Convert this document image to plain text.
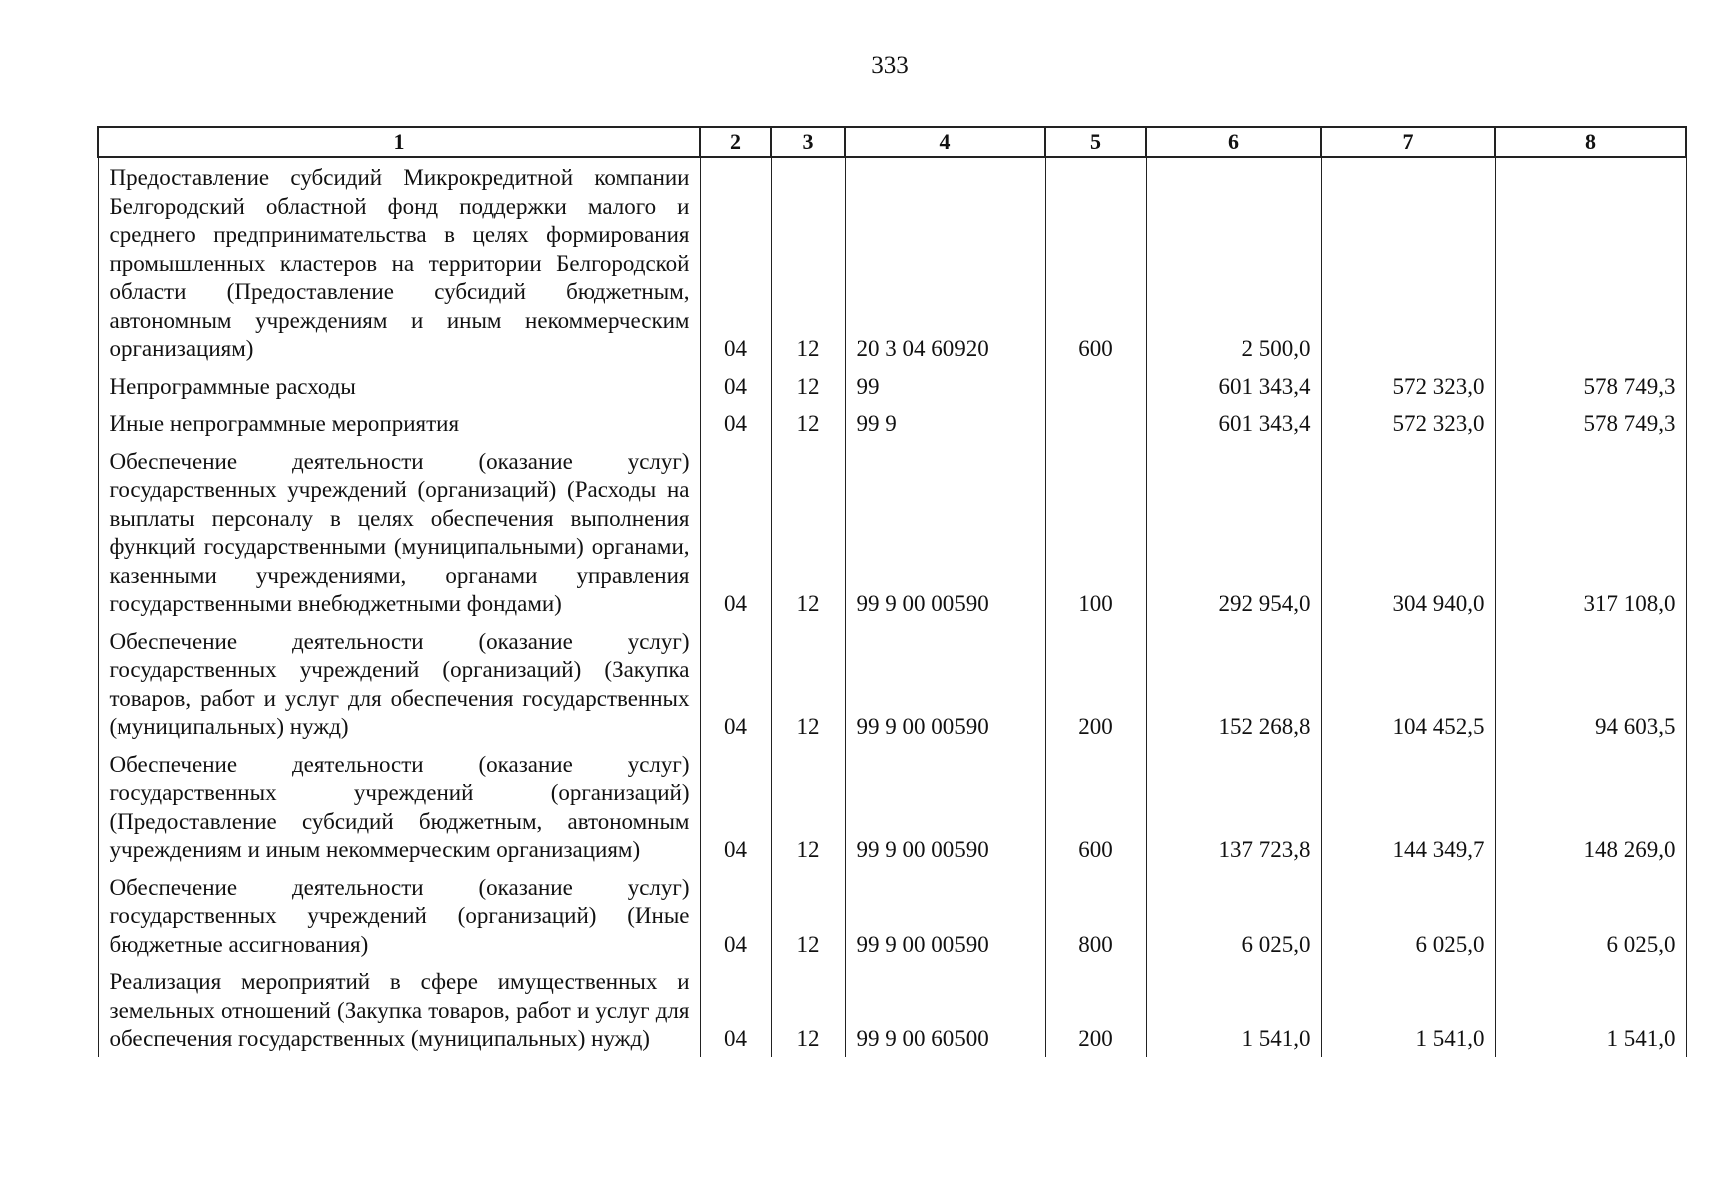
333
1	2	3	4	5	6	7	8
Предоставление субсидий Микрокредитной компании Белгородский областной фонд поддержки малого и среднего предпринимательства в целях формирования промышленных кластеров на территории Белгородской области (Предоставление субсидий бюджетным, автономным учреждениям и иным некоммерческим организациям)	04	12	20 3 04 60920	600	2 500,0		
Непрограммные расходы	04	12	99		601 343,4	572 323,0	578 749,3
Иные непрограммные мероприятия	04	12	99 9		601 343,4	572 323,0	578 749,3
Обеспечение деятельности (оказание услуг) государственных учреждений (организаций) (Расходы на выплаты персоналу в целях обеспечения выполнения функций государственными (муниципальными) органами, казенными учреждениями, органами управления государственными внебюджетными фондами)	04	12	99 9 00 00590	100	292 954,0	304 940,0	317 108,0
Обеспечение деятельности (оказание услуг) государственных учреждений (организаций) (Закупка товаров, работ и услуг для обеспечения государственных (муниципальных) нужд)	04	12	99 9 00 00590	200	152 268,8	104 452,5	94 603,5
Обеспечение деятельности (оказание услуг) государственных учреждений (организаций) (Предоставление субсидий бюджетным, автономным учреждениям и иным некоммерческим организациям)	04	12	99 9 00 00590	600	137 723,8	144 349,7	148 269,0
Обеспечение деятельности (оказание услуг) государственных учреждений (организаций) (Иные бюджетные ассигнования)	04	12	99 9 00 00590	800	6 025,0	6 025,0	6 025,0
Реализация мероприятий в сфере имущественных и земельных отношений (Закупка товаров, работ и услуг для обеспечения государственных (муниципальных) нужд)	04	12	99 9 00 60500	200	1 541,0	1 541,0	1 541,0
